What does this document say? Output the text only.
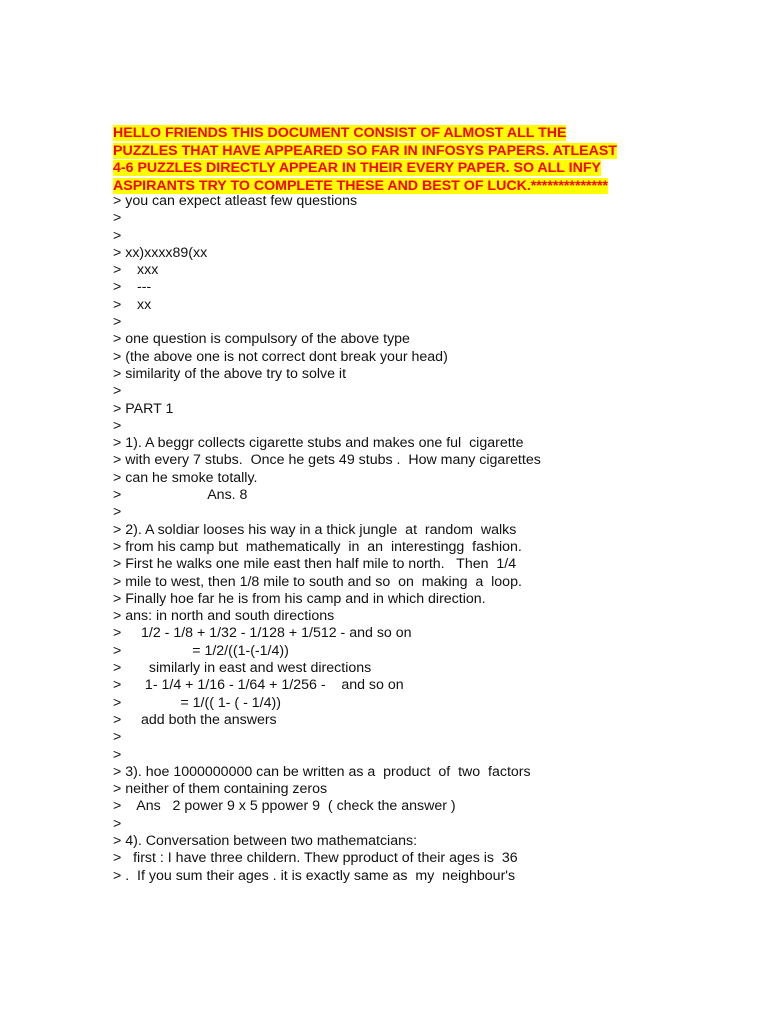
HELLO FRIENDS THIS DOCUMENT CONSIST OF ALMOST ALL THE
PUZZLES THAT HAVE APPEARED SO FAR IN INFOSYS PAPERS. ATLEAST
4-6 PUZZLES DIRECTLY APPEAR IN THEIR EVERY PAPER. SO ALL INFY
ASPIRANTS TRY TO COMPLETE THESE AND BEST OF LUCK.**************
> you can expect atleast few questions
>
>
> xx)xxxx89(xx
>    xxx
>    ---
>    xx
>
> one question is compulsory of the above type
> (the above one is not correct dont break your head)
> similarity of the above try to solve it
>
> PART 1
>
> 1). A beggr collects cigarette stubs and makes one ful  cigarette
> with every 7 stubs.  Once he gets 49 stubs .  How many cigarettes
> can he smoke totally.
>                      Ans. 8
>
> 2). A soldiar looses his way in a thick jungle  at  random  walks
> from his camp but  mathematically  in  an  interestingg  fashion.
> First he walks one mile east then half mile to north.   Then  1/4
> mile to west, then 1/8 mile to south and so  on  making  a  loop.
> Finally hoe far he is from his camp and in which direction.
> ans: in north and south directions
>     1/2 - 1/8 + 1/32 - 1/128 + 1/512 - and so on
>                  = 1/2/((1-(-1/4))
>       similarly in east and west directions
>      1- 1/4 + 1/16 - 1/64 + 1/256 -    and so on
>               = 1/(( 1- ( - 1/4))
>     add both the answers
>
>
> 3). hoe 1000000000 can be written as a  product  of  two  factors
> neither of them containing zeros
>    Ans   2 power 9 x 5 ppower 9  ( check the answer )
>
> 4). Conversation between two mathematcians:
>   first : I have three childern. Thew pproduct of their ages is  36
> .  If you sum their ages . it is exactly same as  my  neighbour's
